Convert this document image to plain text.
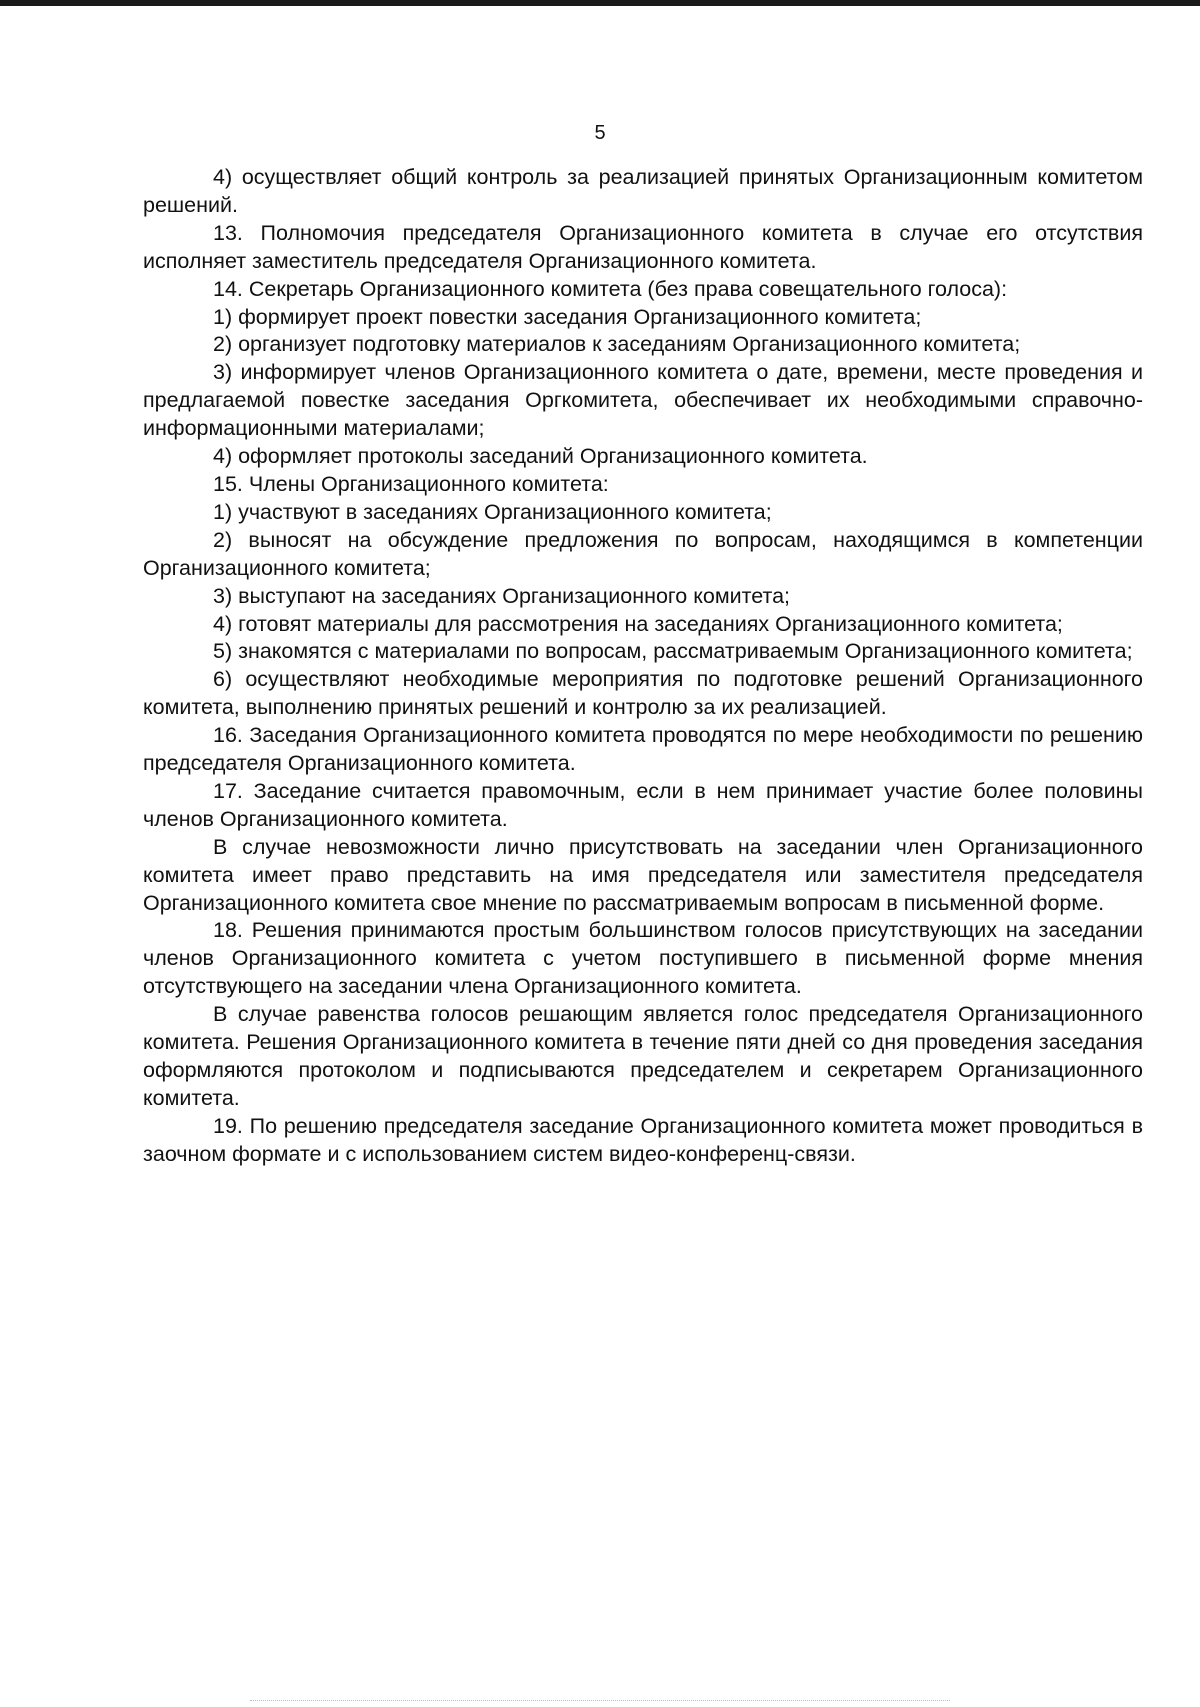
5

4) осуществляет общий контроль за реализацией принятых Организационным комитетом решений.

13. Полномочия председателя Организационного комитета в случае его отсутствия исполняет заместитель председателя Организационного комитета.

14. Секретарь Организационного комитета (без права совещательного голоса):

1) формирует проект повестки заседания Организационного комитета;

2) организует подготовку материалов к заседаниям Организационного комитета;

3) информирует членов Организационного комитета о дате, времени, месте проведения и предлагаемой повестке заседания Оргкомитета, обеспечивает их необходимыми справочно-информационными материалами;

4) оформляет протоколы заседаний Организационного комитета.

15. Члены Организационного комитета:

1) участвуют в заседаниях Организационного комитета;

2) выносят на обсуждение предложения по вопросам, находящимся в компетенции Организационного комитета;

3) выступают на заседаниях Организационного комитета;

4) готовят материалы для рассмотрения на заседаниях Организационного комитета;

5) знакомятся с материалами по вопросам, рассматриваемым Организационного комитета;

6) осуществляют необходимые мероприятия по подготовке решений Организационного комитета, выполнению принятых решений и контролю за их реализацией.

16. Заседания Организационного комитета проводятся по мере необходимости по решению председателя Организационного комитета.

17. Заседание считается правомочным, если в нем принимает участие более половины членов Организационного комитета.

В случае невозможности лично присутствовать на заседании член Организационного комитета имеет право представить на имя председателя или заместителя председателя Организационного комитета свое мнение по рассматриваемым вопросам в письменной форме.

18. Решения принимаются простым большинством голосов присутствующих на заседании членов Организационного комитета с учетом поступившего в письменной форме мнения отсутствующего на заседании члена Организационного комитета.

В случае равенства голосов решающим является голос председателя Организационного комитета. Решения Организационного комитета в течение пяти дней со дня проведения заседания оформляются протоколом и подписываются председателем и секретарем Организационного комитета.

19. По решению председателя заседание Организационного комитета может проводиться в заочном формате и с использованием систем видео-конференц-связи.
